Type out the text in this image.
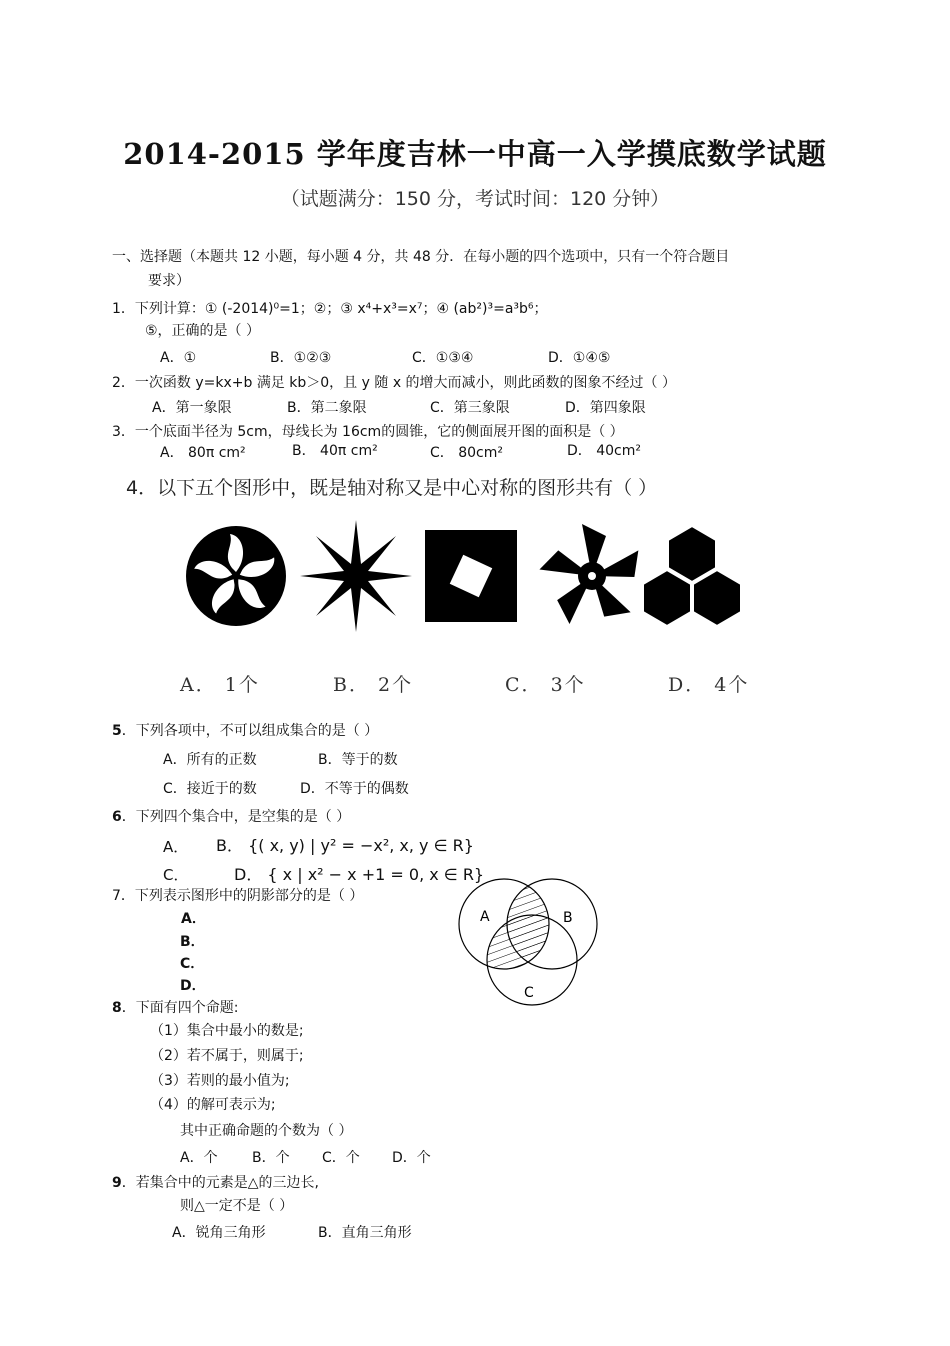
2014-2015 学年度吉林一中高一入学摸底数学试题
（试题满分：150 分，考试时间：120 分钟）
一、选择题（本题共 12 小题，每小题 4 分，共 48 分．在每小题的四个选项中，只有一个符合题目
要求）
1．下列计算：① (-2014)⁰=1；②；③ x⁴+x³=x⁷；④ (ab²)³=a³b⁶；
⑤，正确的是（ ）
A．①	B．①②③	C．①③④	D．①④⑤
2．一次函数 y=kx+b 满足 kb＞0，且 y 随 x 的增大而减小，则此函数的图象不经过（ ）
A．第一象限	B．第二象限	C．第三象限	D．第四象限
3．一个底面半径为 5cm，母线长为 16cm的圆锥，它的侧面展开图的面积是（ ）
A． 80π cm²	B． 40π cm²	C． 80cm²	D． 40cm²
4．以下五个图形中，既是轴对称又是中心对称的图形共有（ ）
A． 1个	B． 2个	C． 3个	D． 4个
5．下列各项中，不可以组成集合的是（ ）
A．所有的正数	B．等于的数
C．接近于的数	D．不等于的偶数
6．下列四个集合中，是空集的是（ ）
A． B． {( x, y) | y² = −x², x, y ∈ R}
C．	D． { x | x² − x +1 = 0, x ∈ R}
7．下列表示图形中的阴影部分的是（ ）
A．
B．
C．
D．
A	B
C
8．下面有四个命题:
（1）集合中最小的数是;
（2）若不属于，则属于;
（3）若则的最小值为;
（4）的解可表示为;
其中正确命题的个数为（ ）
A．个 B．个 C．个 D．个
9．若集合中的元素是△的三边长,
则△一定不是（ ）
A．锐角三角形	B．直角三角形
